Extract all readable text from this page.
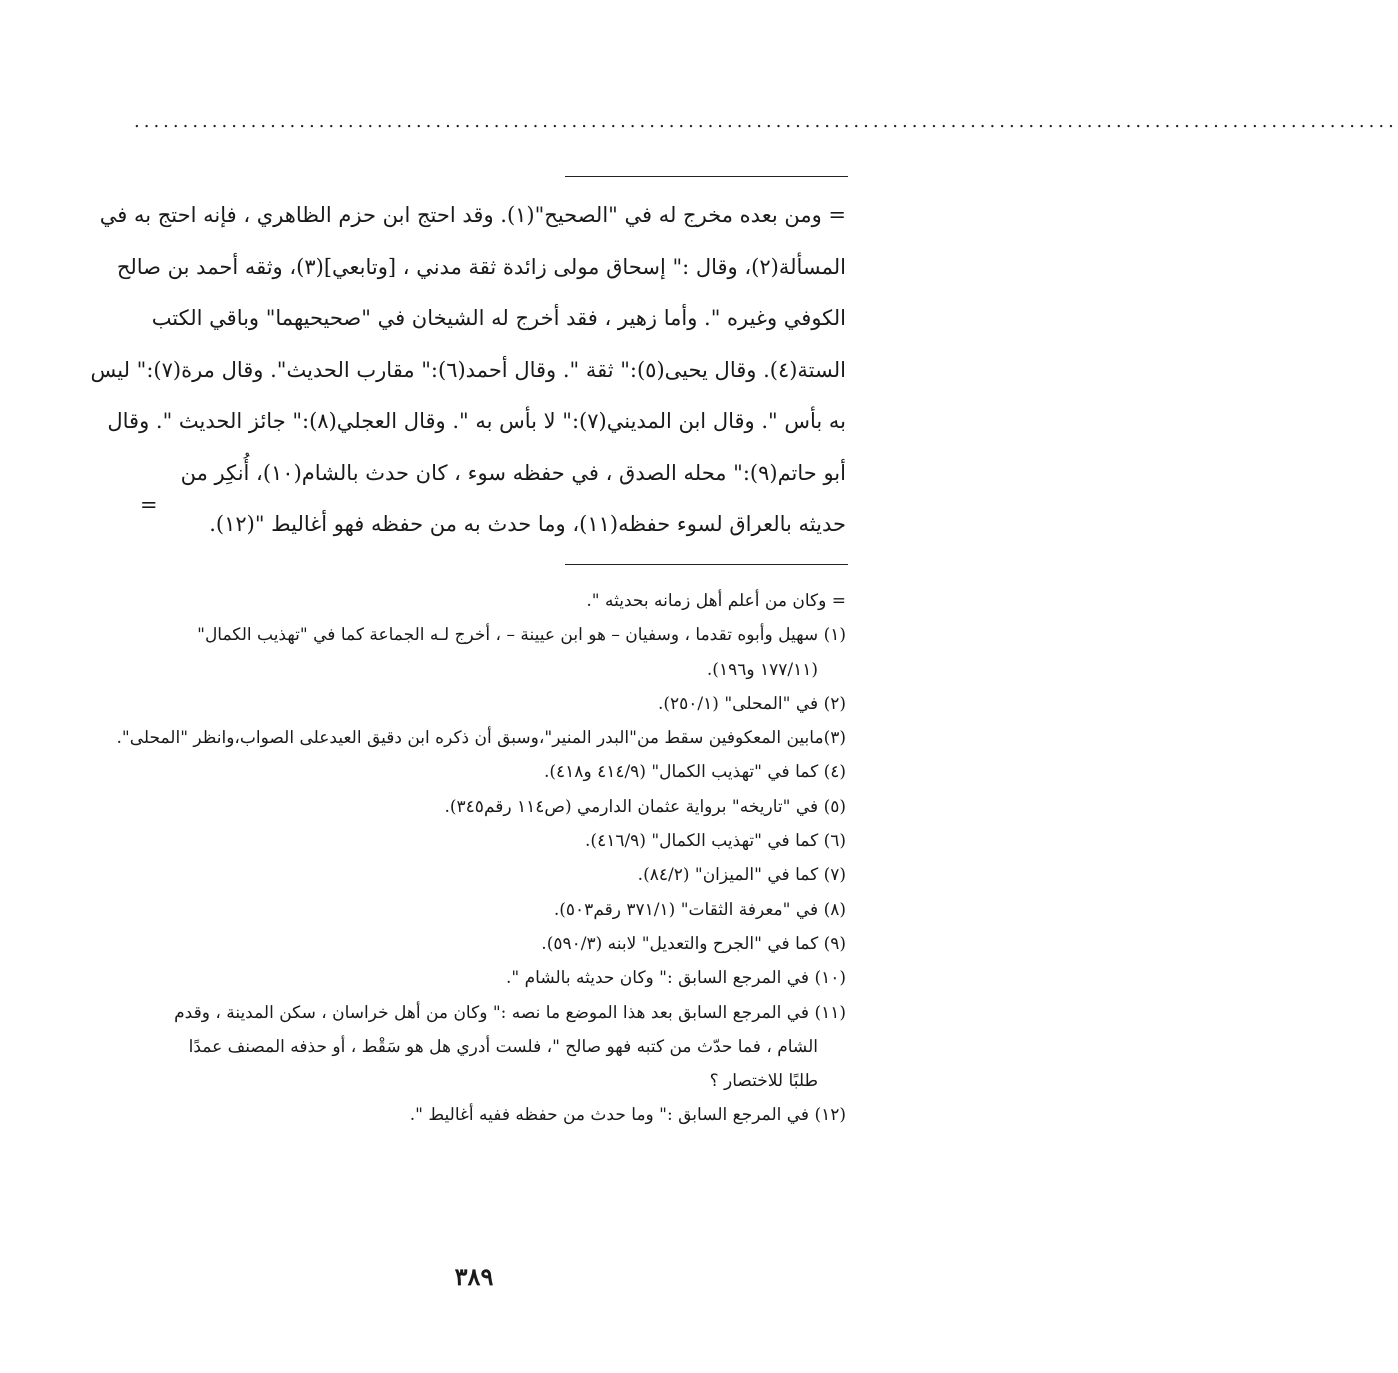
..................................................................................................................................
= ومن بعده مخرج له في "الصحيح"(١). وقد احتج ابن حزم الظاهري ، فإنه احتج به في
المسألة(٢)، وقال :" إسحاق مولى زائدة ثقة مدني ، [وتابعي](٣)، وثقه أحمد بن صالح
الكوفي وغيره ". وأما زهير ، فقد أخرج له الشيخان في "صحيحيهما" وباقي الكتب
الستة(٤). وقال يحيى(٥):" ثقة ". وقال أحمد(٦):" مقارب الحديث". وقال مرة(٧):" ليس
به بأس ". وقال ابن المديني(٧):" لا بأس به ". وقال العجلي(٨):" جائز الحديث ". وقال
أبو حاتم(٩):" محله الصدق ، في حفظه سوء ، كان حدث بالشام(١٠)، أُنكِر من
حديثه بالعراق لسوء حفظه(١١)، وما حدث به من حفظه فهو أغاليط "(١٢).
=
= وكان من أعلم أهل زمانه بحديثه ".
(١) سهيل وأبوه تقدما ، وسفيان – هو ابن عيينة – ، أخرج لـه الجماعة كما في "تهذيب الكمال"
(١٧٧/١١ و١٩٦).
(٢) في "المحلى" (٢٥٠/١).
(٣)مابين المعكوفين سقط من"البدر المنير"،وسبق أن ذكره ابن دقيق العيدعلى الصواب،وانظر "المحلى".
(٤) كما في "تهذيب الكمال" (٤١٤/٩ و٤١٨).
(٥) في "تاريخه" برواية عثمان الدارمي (ص١١٤ رقم٣٤٥).
(٦) كما في "تهذيب الكمال" (٤١٦/٩).
(٧) كما في "الميزان" (٨٤/٢).
(٨) في "معرفة الثقات" (٣٧١/١ رقم٥٠٣).
(٩) كما في "الجرح والتعديل" لابنه (٥٩٠/٣).
(١٠) في المرجع السابق :" وكان حديثه بالشام ".
(١١) في المرجع السابق بعد هذا الموضع ما نصه :" وكان من أهل خراسان ، سكن المدينة ، وقدم
الشام ، فما حدّث من كتبه فهو صالح "، فلست أدري هل هو سَقْط ، أو حذفه المصنف عمدًا
طلبًا للاختصار ؟
(١٢) في المرجع السابق :" وما حدث من حفظه ففيه أغاليط ".
٣٨٩
